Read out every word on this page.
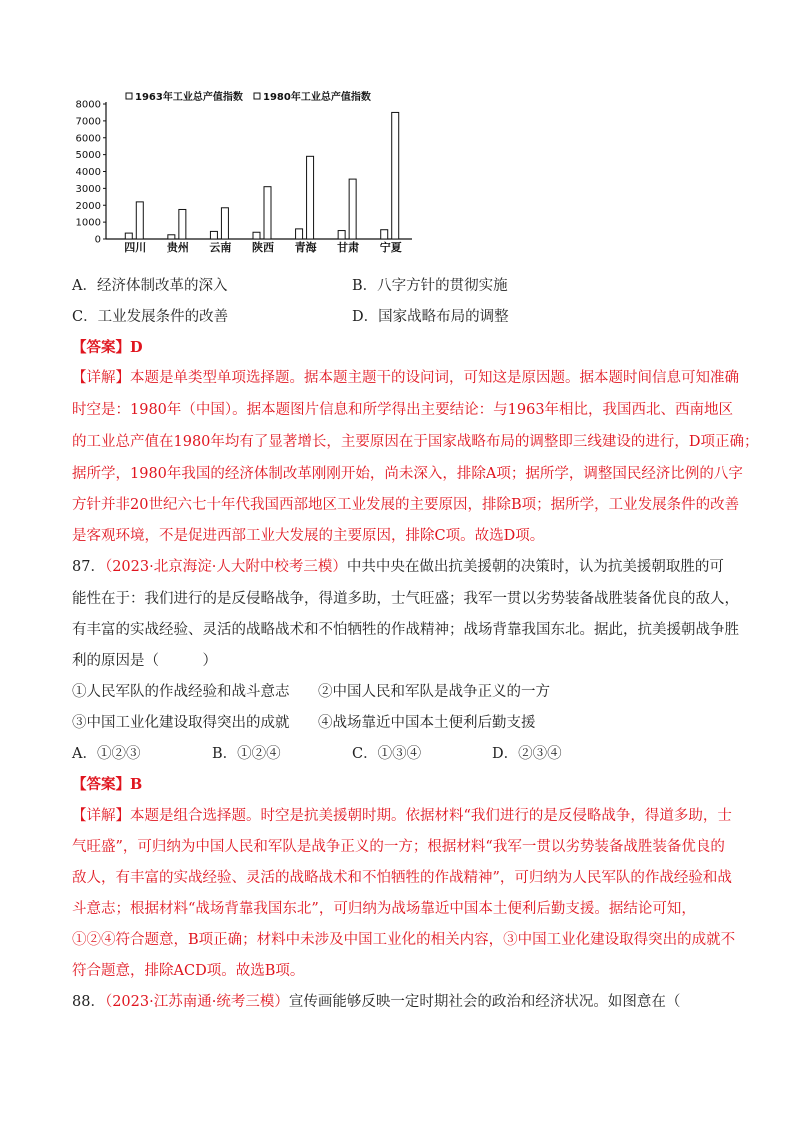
0
1000
2000
3000
4000
5000
6000
7000
8000
四川 贵州 云南 陕西 青海 甘肃 宁夏
1963年工业总产值指数 1980年工业总产值指数
A．经济体制改革的深入	B．八字方针的贯彻实施
C．工业发展条件的改善	D．国家战略布局的调整
【答案】D
【详解】本题是单类型单项选择题。据本题主题干的设问词，可知这是原因题。据本题时间信息可知准确
时空是：1980年（中国）。据本题图片信息和所学得出主要结论：与1963年相比，我国西北、西南地区
的工业总产值在1980年均有了显著增长，主要原因在于国家战略布局的调整即三线建设的进行，D项正确；
据所学，1980年我国的经济体制改革刚刚开始，尚未深入，排除A项；据所学，调整国民经济比例的八字
方针并非20世纪六七十年代我国西部地区工业发展的主要原因，排除B项；据所学，工业发展条件的改善
是客观环境，不是促进西部工业大发展的主要原因，排除C项。故选D项。
87．（2023·北京海淀·人大附中校考三模）中共中央在做出抗美援朝的决策时，认为抗美援朝取胜的可
能性在于：我们进行的是反侵略战争，得道多助，士气旺盛；我军一贯以劣势装备战胜装备优良的敌人，
有丰富的实战经验、灵活的战略战术和不怕牺牲的作战精神；战场背靠我国东北。据此，抗美援朝战争胜
利的原因是（　　　）
①人民军队的作战经验和战斗意志 ②中国人民和军队是战争正义的一方
③中国工业化建设取得突出的成就 ④战场靠近中国本土便利后勤支援
A．①②③	B．①②④	C．①③④	D．②③④
【答案】B
【详解】本题是组合选择题。时空是抗美援朝时期。依据材料“我们进行的是反侵略战争，得道多助，士
气旺盛”，可归纳为中国人民和军队是战争正义的一方；根据材料“我军一贯以劣势装备战胜装备优良的
敌人，有丰富的实战经验、灵活的战略战术和不怕牺牲的作战精神”，可归纳为人民军队的作战经验和战
斗意志；根据材料“战场背靠我国东北”，可归纳为战场靠近中国本土便利后勤支援。据结论可知，
①②④符合题意，B项正确；材料中未涉及中国工业化的相关内容，③中国工业化建设取得突出的成就不
符合题意，排除ACD项。故选B项。
88．（2023·江苏南通·统考三模）宣传画能够反映一定时期社会的政治和经济状况。如图意在（
